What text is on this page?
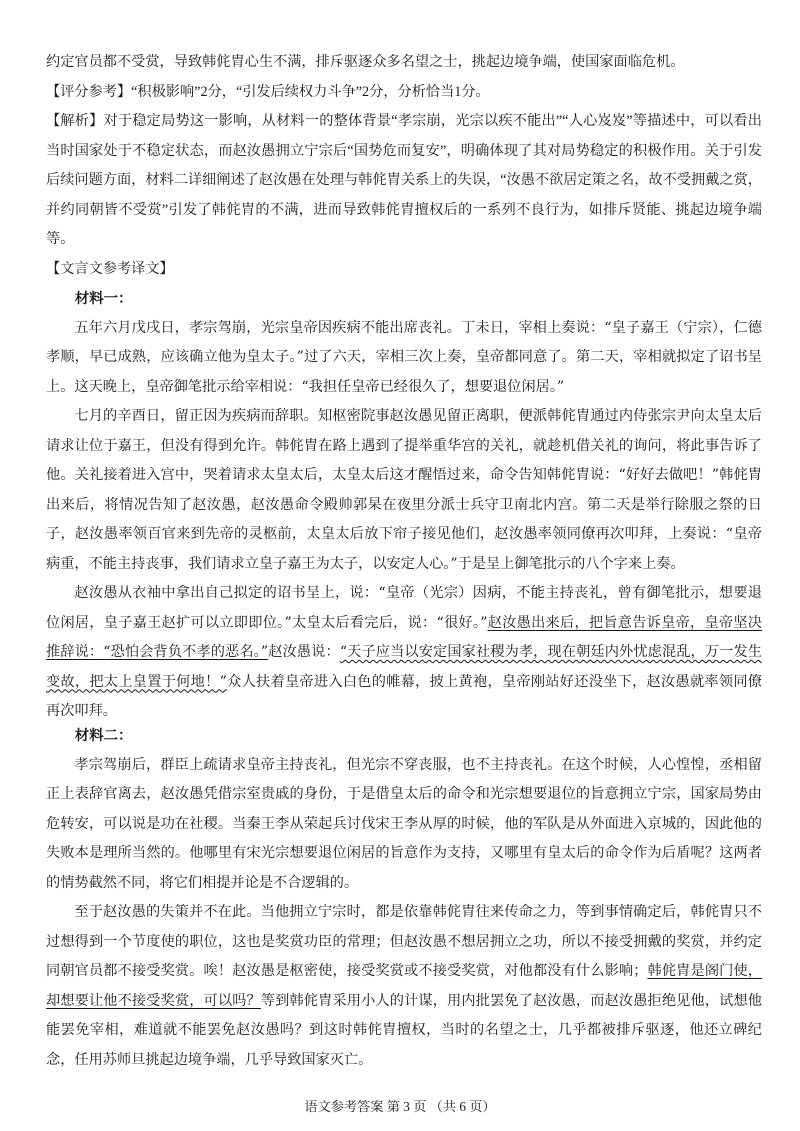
约定官员都不受赏，导致韩侂胄心生不满，排斥驱逐众多名望之士，挑起边境争端，使国家面临危机。

【评分参考】“积极影响”2分，“引发后续权力斗争”2分，分析恰当1分。

【解析】对于稳定局势这一影响，从材料一的整体背景“孝宗崩，光宗以疾不能出”“人心岌岌”等描述中，可以看出当时国家处于不稳定状态，而赵汝愚拥立宁宗后“国势危而复安”，明确体现了其对局势稳定的积极作用。关于引发后续问题方面，材料二详细阐述了赵汝愚在处理与韩侂胄关系上的失误，“汝愚不欲居定策之名，故不受拥戴之赏，并约同朝皆不受赏”引发了韩侂胄的不满，进而导致韩侂胄擅权后的一系列不良行为，如排斥贤能、挑起边境争端等。

【文言文参考译文】

材料一：

五年六月戊戌日，孝宗驾崩，光宗皇帝因疾病不能出席丧礼。丁未日，宰相上奏说：“皇子嘉王（宁宗），仁德孝顺，早已成熟，应该确立他为皇太子。”过了六天，宰相三次上奏，皇帝都同意了。第二天，宰相就拟定了诏书呈上。这天晚上，皇帝御笔批示给宰相说：“我担任皇帝已经很久了，想要退位闲居。”

七月的辛酉日，留正因为疾病而辞职。知枢密院事赵汝愚见留正离职，便派韩侂胄通过内侍张宗尹向太皇太后请求让位于嘉王，但没有得到允许。韩侂胄在路上遇到了提举重华宫的关礼，就趁机借关礼的询问，将此事告诉了他。关礼接着进入宫中，哭着请求太皇太后，太皇太后这才醒悟过来，命令告知韩侂胄说：“好好去做吧！”韩侂胄出来后，将情况告知了赵汝愚，赵汝愚命令殿帅郭杲在夜里分派士兵守卫南北内宫。第二天是举行除服之祭的日子，赵汝愚率领百官来到先帝的灵柩前，太皇太后放下帘子接见他们，赵汝愚率领同僚再次叩拜，上奏说：“皇帝病重，不能主持丧事，我们请求立皇子嘉王为太子，以安定人心。”于是呈上御笔批示的八个字来上奏。

赵汝愚从衣袖中拿出自己拟定的诏书呈上，说：“皇帝（光宗）因病，不能主持丧礼，曾有御笔批示，想要退位闲居，皇子嘉王赵扩可以立即即位。”太皇太后看完后，说：“很好。”赵汝愚出来后，把旨意告诉皇帝，皇帝坚决推辞说：“恐怕会背负不孝的恶名。”赵汝愚说：“天子应当以安定国家社稷为孝，现在朝廷内外忧虑混乱，万一发生变故，把太上皇置于何地！”众人扶着皇帝进入白色的帷幕，披上黄袍，皇帝刚站好还没坐下，赵汝愚就率领同僚再次叩拜。

材料二：

孝宗驾崩后，群臣上疏请求皇帝主持丧礼，但光宗不穿丧服，也不主持丧礼。在这个时候，人心惶惶，丞相留正上表辞官离去，赵汝愚凭借宗室贵戚的身份，于是借皇太后的命令和光宗想要退位的旨意拥立宁宗，国家局势由危转安，可以说是功在社稷。当秦王李从荣起兵讨伐宋王李从厚的时候，他的军队是从外面进入京城的，因此他的失败本是理所当然的。他哪里有宋光宗想要退位闲居的旨意作为支持，又哪里有皇太后的命令作为后盾呢？这两者的情势截然不同，将它们相提并论是不合逻辑的。

至于赵汝愚的失策并不在此。当他拥立宁宗时，都是依靠韩侂胄往来传命之力，等到事情确定后，韩侂胄只不过想得到一个节度使的职位，这也是奖赏功臣的常理；但赵汝愚不想居拥立之功，所以不接受拥戴的奖赏，并约定同朝官员都不接受奖赏。唉！赵汝愚是枢密使，接受奖赏或不接受奖赏，对他都没有什么影响；韩侂胄是阁门使，却想要让他不接受奖赏，可以吗？等到韩侂胄采用小人的计谋，用内批罢免了赵汝愚，而赵汝愚拒绝见他，试想他能罢免宰相，难道就不能罢免赵汝愚吗？到这时韩侂胄擅权，当时的名望之士，几乎都被排斥驱逐，他还立碑纪念，任用苏师旦挑起边境争端，几乎导致国家灭亡。

语文参考答案 第 3 页 （共 6 页）
